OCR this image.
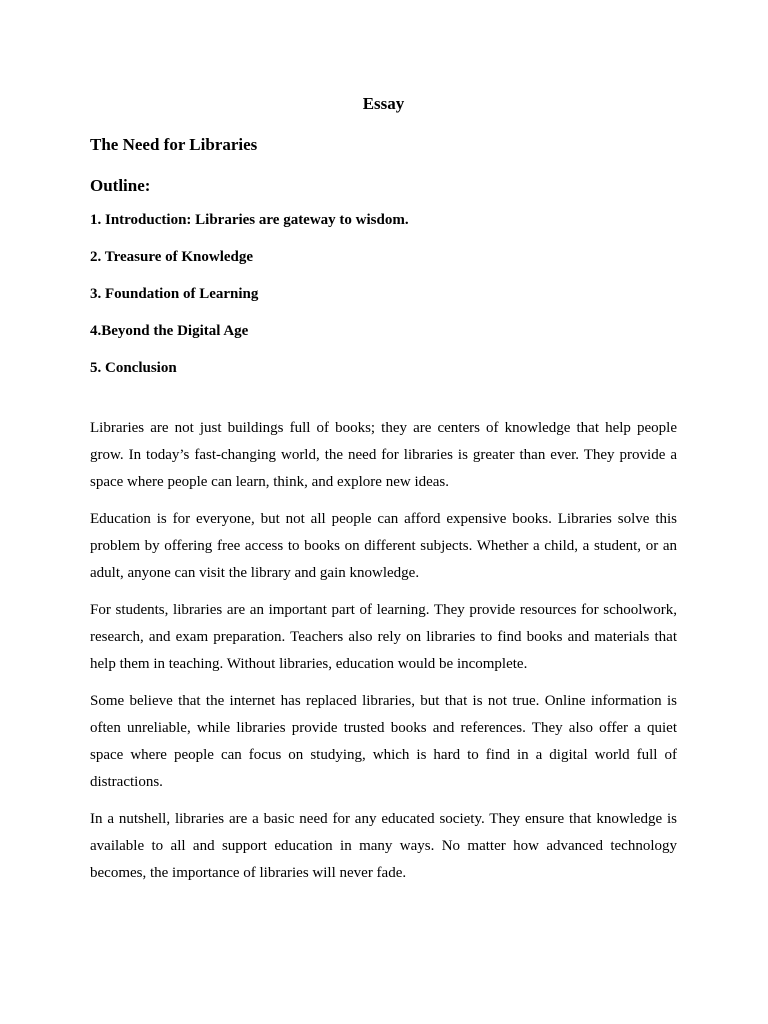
Essay
The Need for Libraries
Outline:
1. Introduction: Libraries are gateway to wisdom.
2. Treasure of Knowledge
3. Foundation of Learning
4.Beyond the Digital Age
5. Conclusion

Libraries are not just buildings full of books; they are centers of knowledge that help people grow. In today’s fast-changing world, the need for libraries is greater than ever. They provide a space where people can learn, think, and explore new ideas.

Education is for everyone, but not all people can afford expensive books. Libraries solve this problem by offering free access to books on different subjects. Whether a child, a student, or an adult, anyone can visit the library and gain knowledge.

For students, libraries are an important part of learning. They provide resources for schoolwork, research, and exam preparation. Teachers also rely on libraries to find books and materials that help them in teaching. Without libraries, education would be incomplete.

Some believe that the internet has replaced libraries, but that is not true. Online information is often unreliable, while libraries provide trusted books and references. They also offer a quiet space where people can focus on studying, which is hard to find in a digital world full of distractions.

In a nutshell, libraries are a basic need for any educated society. They ensure that knowledge is available to all and support education in many ways. No matter how advanced technology becomes, the importance of libraries will never fade.
